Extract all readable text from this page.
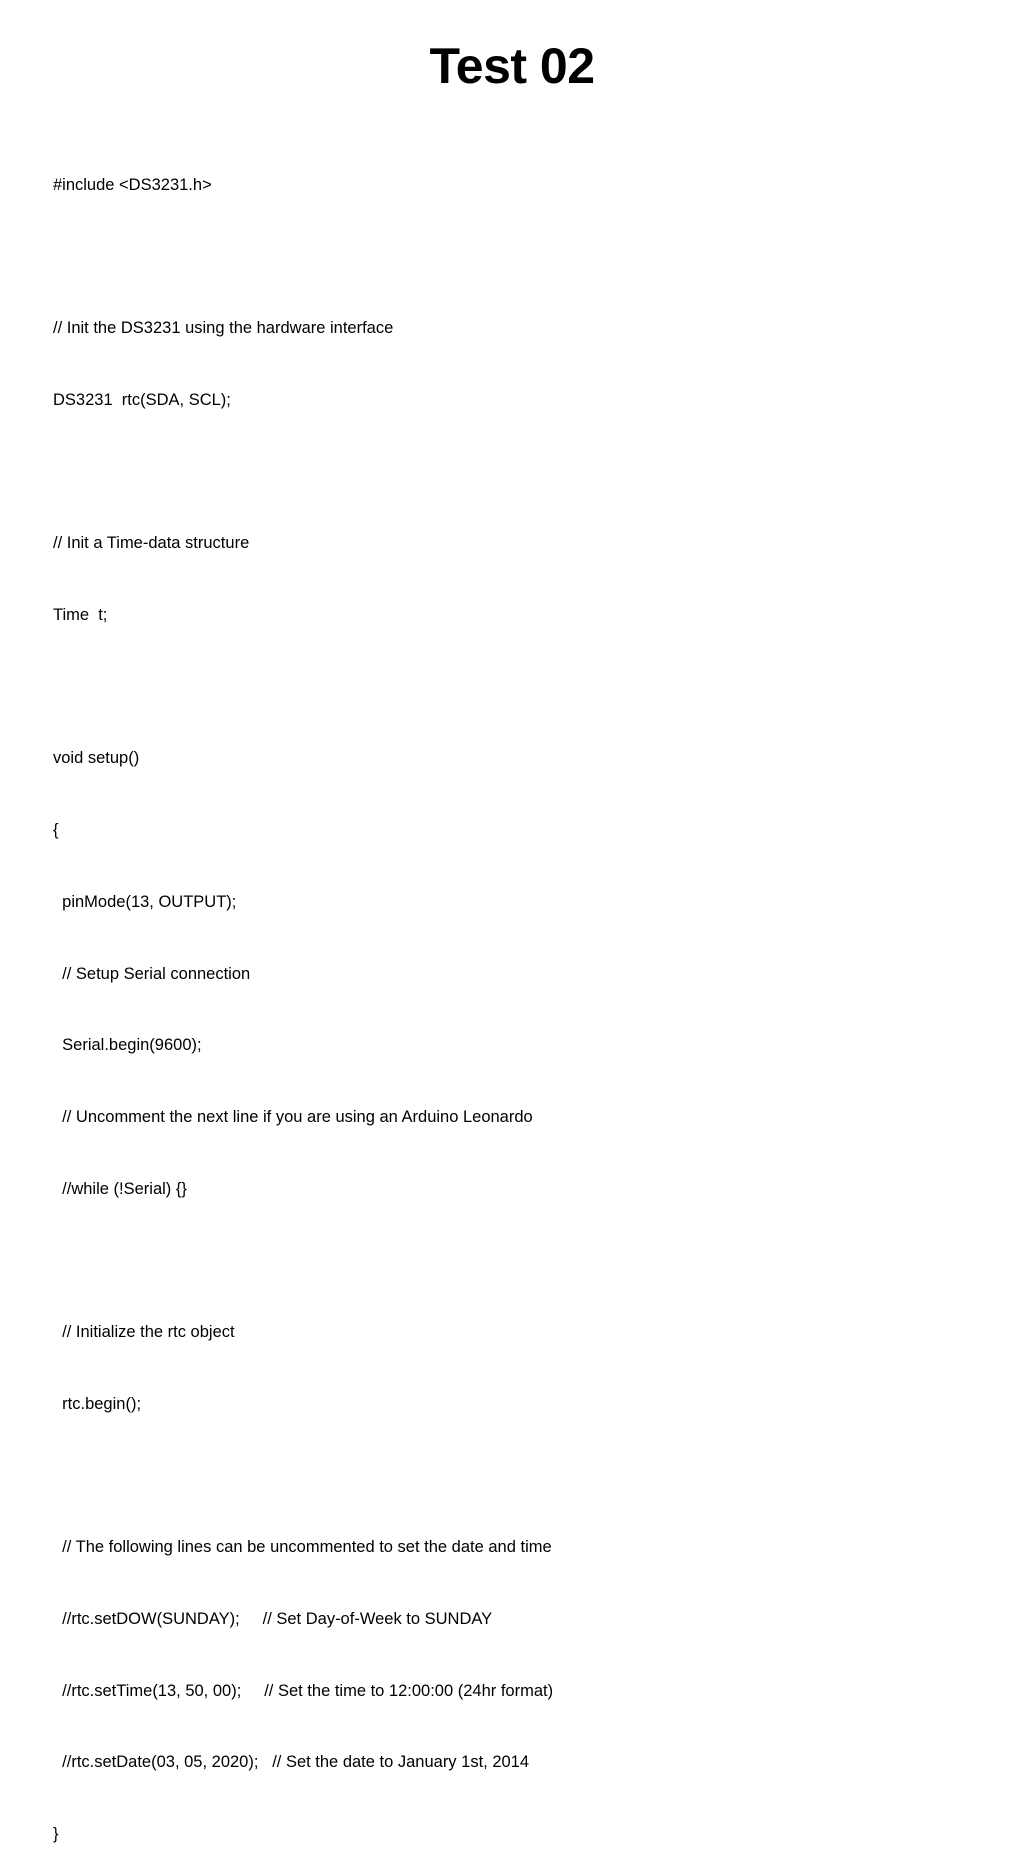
Test 02

#include <DS3231.h>

// Init the DS3231 using the hardware interface

DS3231  rtc(SDA, SCL);

// Init a Time-data structure

Time  t;

void setup()

{

pinMode(13, OUTPUT);

// Setup Serial connection

Serial.begin(9600);

// Uncomment the next line if you are using an Arduino Leonardo

//while (!Serial) {}

// Initialize the rtc object

rtc.begin();

// The following lines can be uncommented to set the date and time

//rtc.setDOW(SUNDAY);     // Set Day-of-Week to SUNDAY

//rtc.setTime(13, 50, 00);     // Set the time to 12:00:00 (24hr format)

//rtc.setDate(03, 05, 2020);   // Set the date to January 1st, 2014

}
